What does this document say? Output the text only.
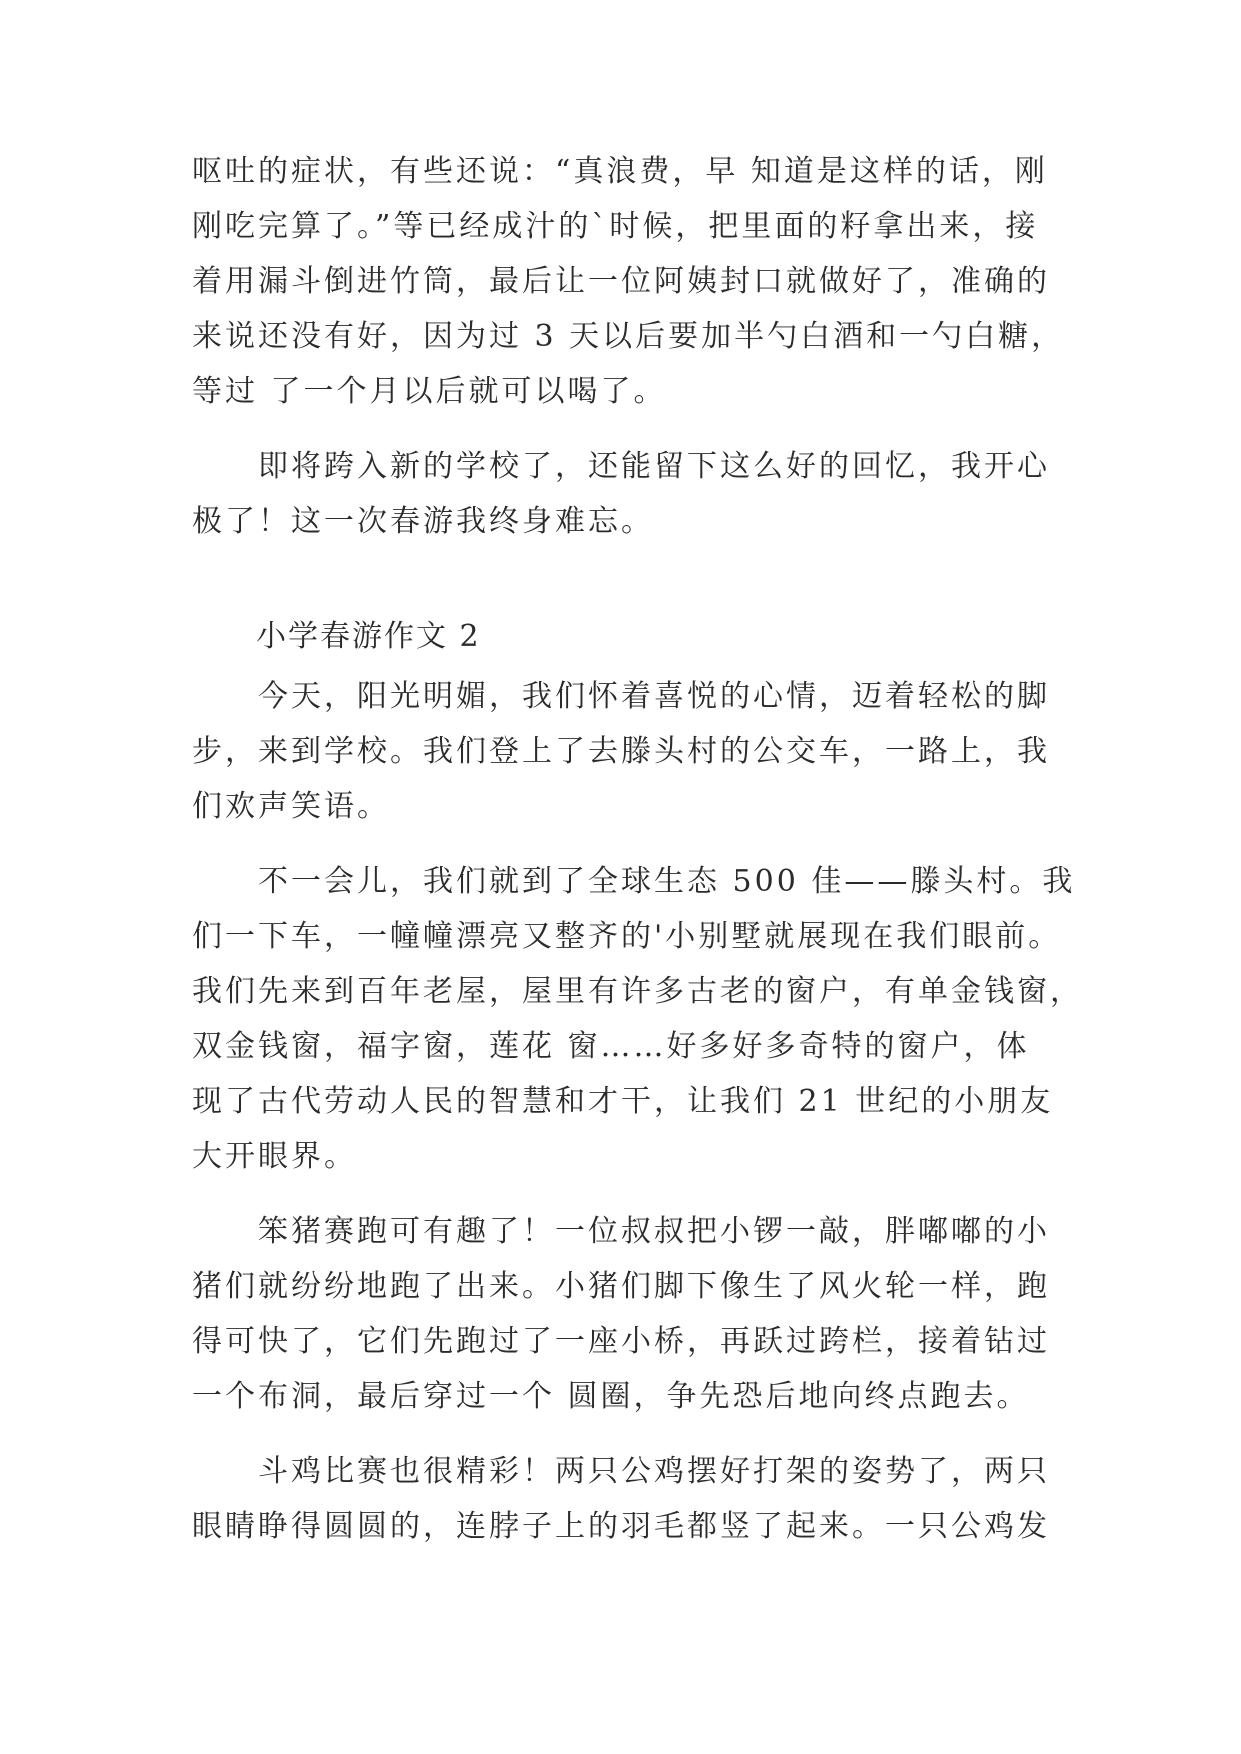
呕吐的症状，有些还说：“真浪费，早 知道是这样的话，刚

刚吃完算了。”等已经成汁的`时候，把里面的籽拿出来，接

着用漏斗倒进竹筒，最后让一位阿姨封口就做好了，准确的

来说还没有好，因为过 3 天以后要加半勺白酒和一勺白糖，

等过 了一个月以后就可以喝了。

　　即将跨入新的学校了，还能留下这么好的回忆，我开心

极了！这一次春游我终身难忘。

　　小学春游作文 2

　　今天，阳光明媚，我们怀着喜悦的心情，迈着轻松的脚

步，来到学校。我们登上了去滕头村的公交车，一路上，我

们欢声笑语。

　　不一会儿，我们就到了全球生态 500 佳——滕头村。我

们一下车，一幢幢漂亮又整齐的'小别墅就展现在我们眼前。

我们先来到百年老屋，屋里有许多古老的窗户，有单金钱窗，

双金钱窗，福字窗，莲花 窗……好多好多奇特的窗户，体

现了古代劳动人民的智慧和才干，让我们 21 世纪的小朋友

大开眼界。

　　笨猪赛跑可有趣了！一位叔叔把小锣一敲，胖嘟嘟的小

猪们就纷纷地跑了出来。小猪们脚下像生了风火轮一样，跑

得可快了，它们先跑过了一座小桥，再跃过跨栏，接着钻过

一个布洞，最后穿过一个 圆圈，争先恐后地向终点跑去。

　　斗鸡比赛也很精彩！两只公鸡摆好打架的姿势了，两只

眼睛睁得圆圆的，连脖子上的羽毛都竖了起来。一只公鸡发
